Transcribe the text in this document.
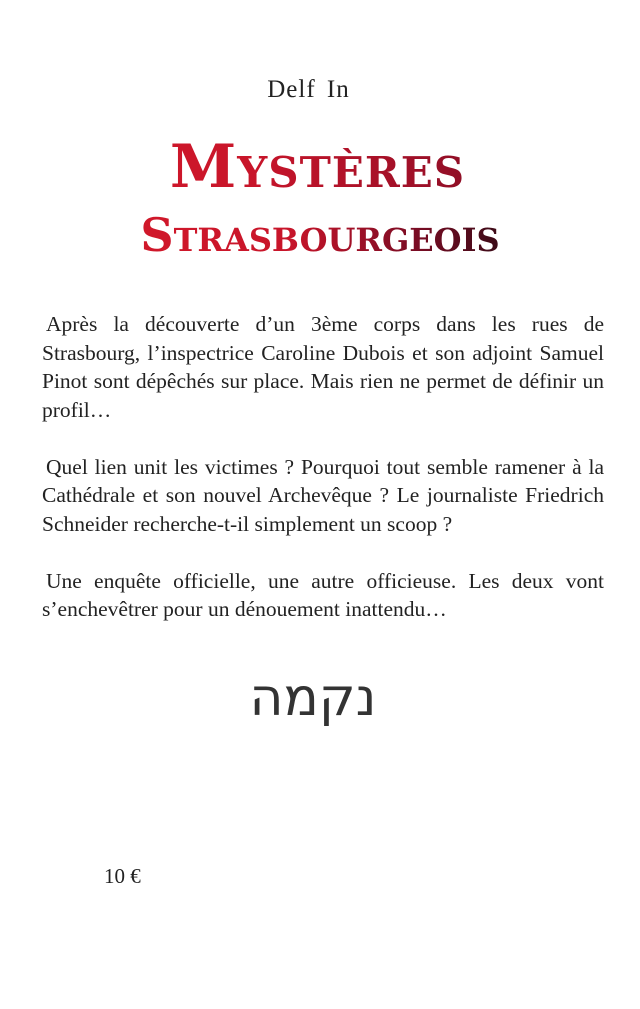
Delf In
Mystères
Strasbourgeois

Après la découverte d’un 3ème corps dans les rues de Strasbourg, l’inspectrice Caroline Dubois et son adjoint Samuel Pinot sont dépêchés sur place. Mais rien ne permet de définir un profil…

Quel lien unit les victimes ? Pourquoi tout semble ramener à la Cathédrale et son nouvel Archevêque ? Le journaliste Friedrich Schneider recherche-t-il simplement un scoop ?

Une enquête officielle, une autre officieuse. Les deux vont s’enchevêtrer pour un dénouement inattendu…

נקמה
10 €
